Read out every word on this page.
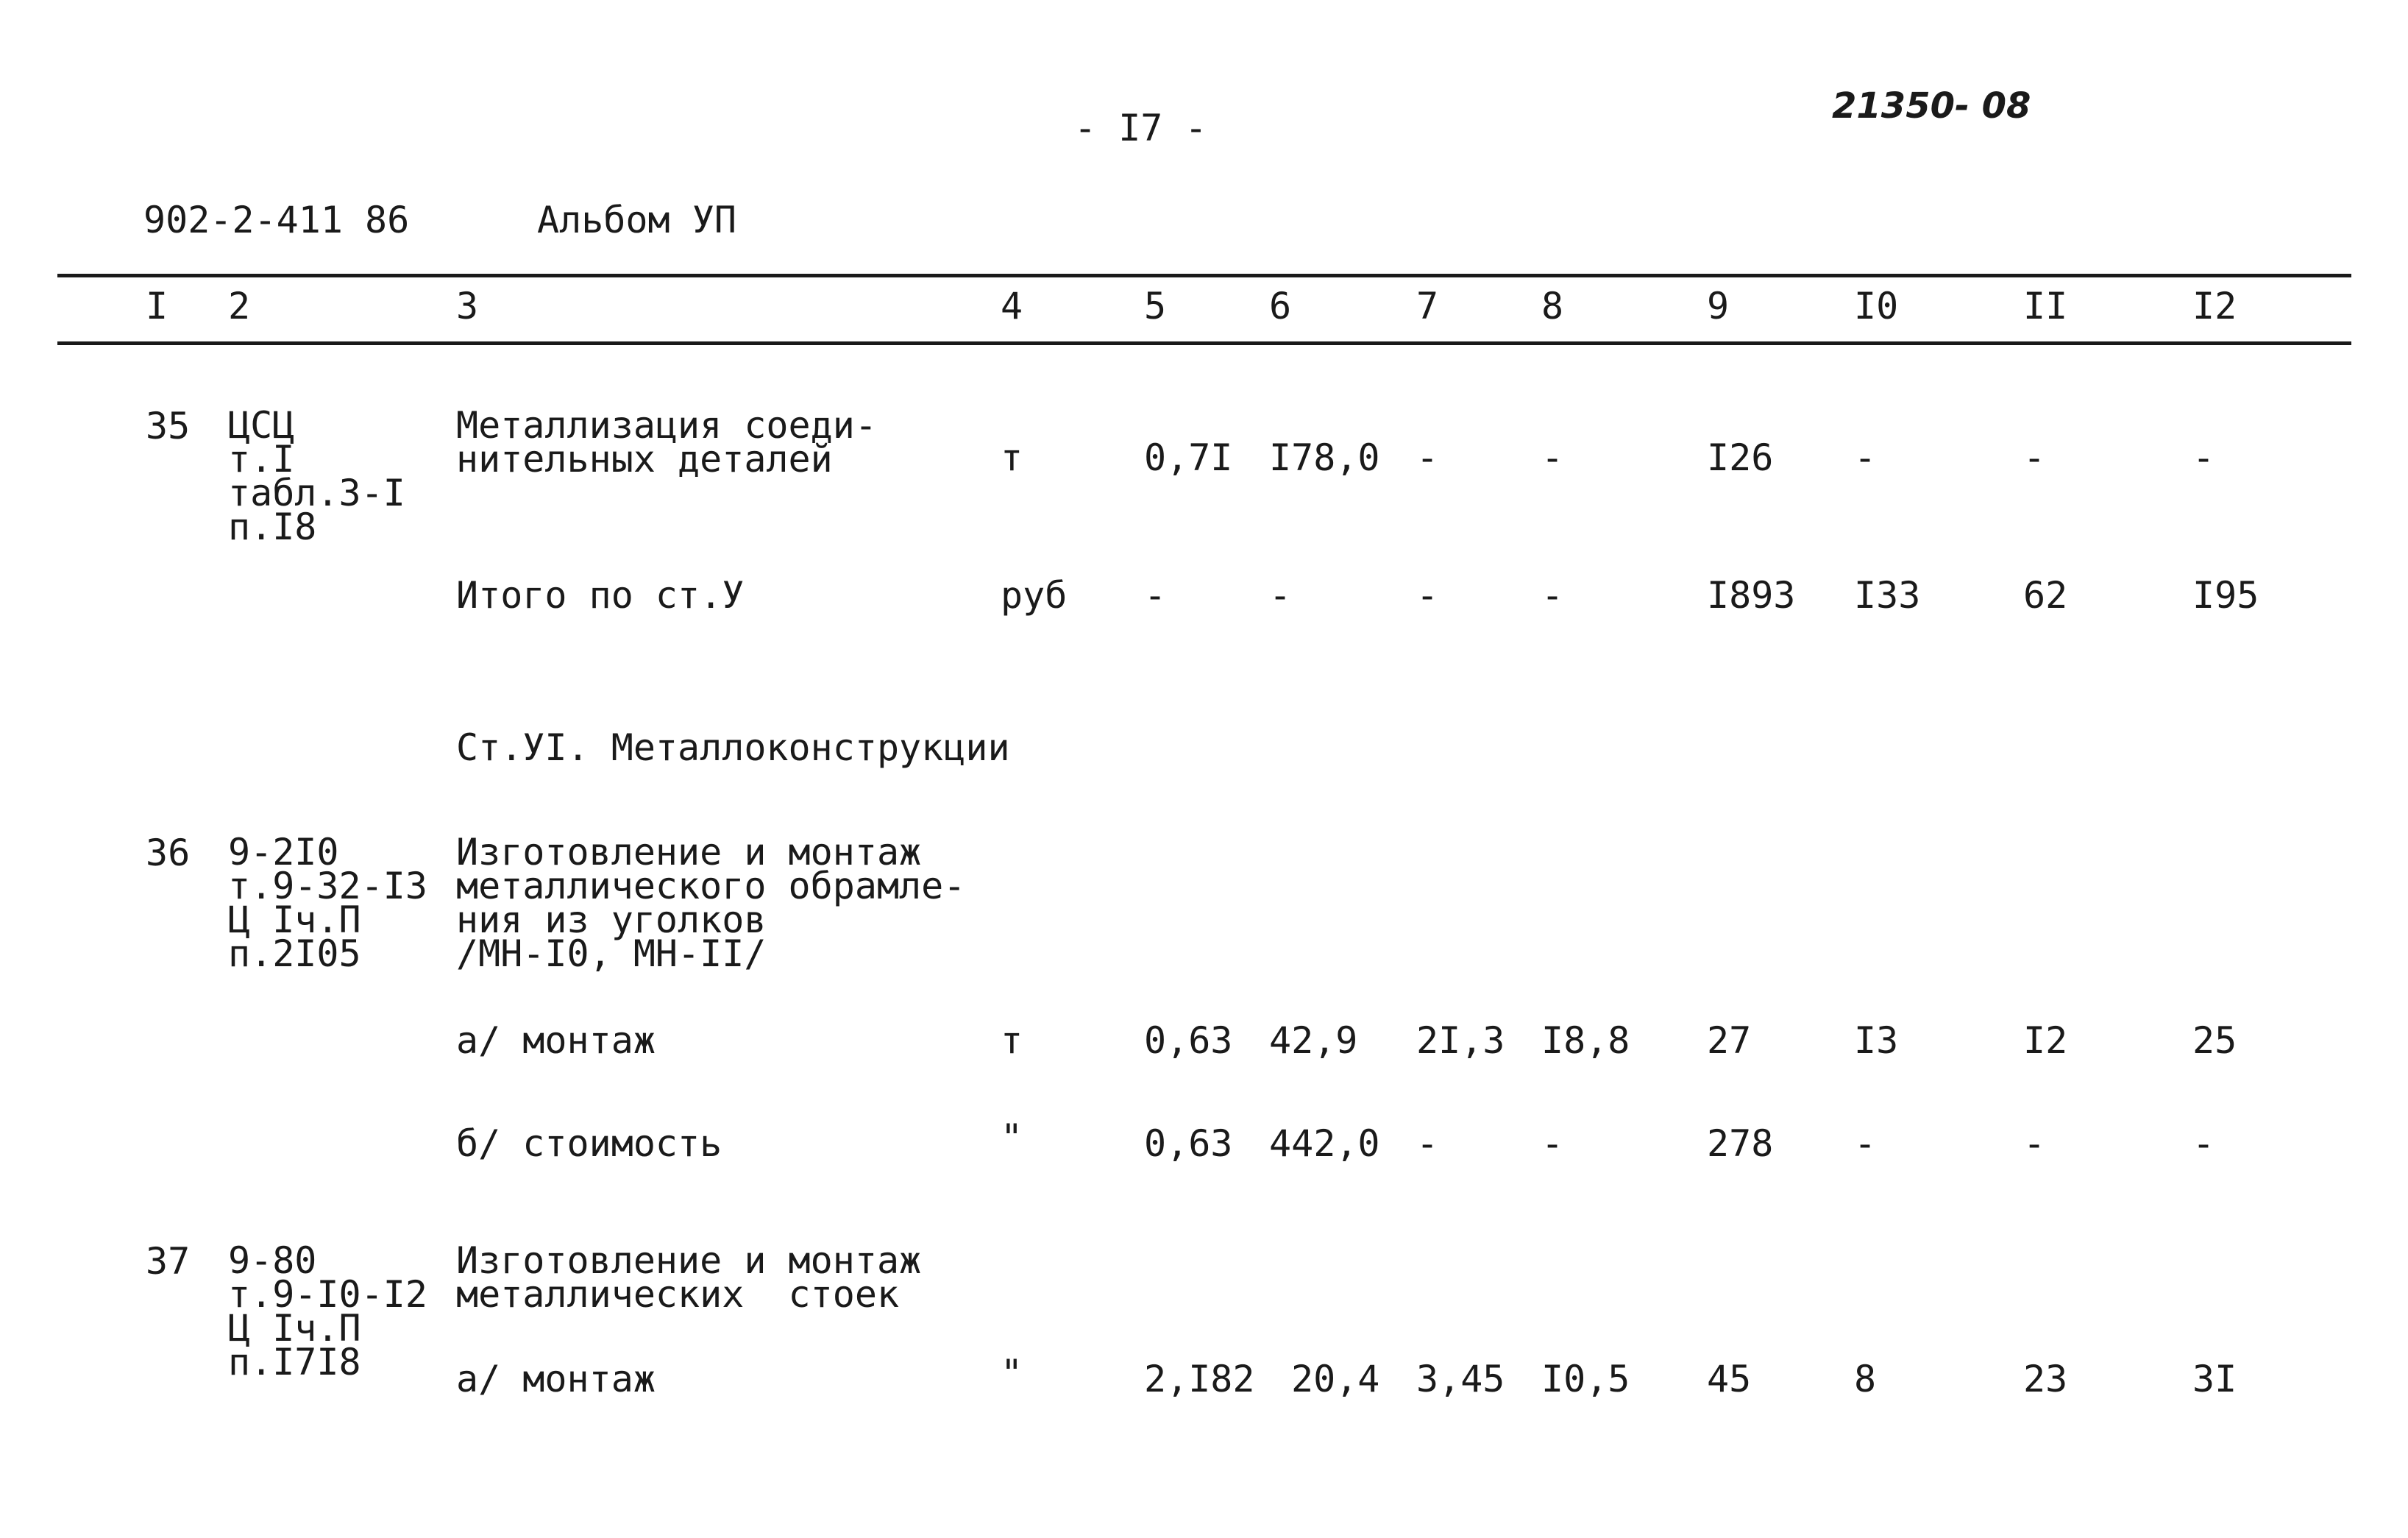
- I7 -
21350- 08
902-2-411 86	Альбом УП
I 2	3	4	5	6	7	8	9	I0	II	I2
35 ЦСЦ
т.I
табл.3-I
п.I8
Металлизация соеди-
нительных деталей	т	0,7I I78,0 -	-	I26 -	-	-
Итого по ст.У	руб -	-	-	-	I893 I33	62	I95
Ст.УI. Металлоконструкции
36 9-2I0
т.9-32-I3
Ц Iч.П
п.2I05
Изготовление и монтаж
металлического обрамле-
ния из уголков
/МН-I0, МН-II/
а/ монтаж	т	0,63 42,9 2I,3 I8,8 27	I3	I2	25
б/ стоимость	"	0,63 442,0 -	-	278 -	-	-
37 9-80
т.9-I0-I2
Ц Iч.П
п.I7I8
Изготовление и монтаж
металлических  стоек
а/ монтаж	"	2,I82 20,4 3,45 I0,5 45	8	23	3I
